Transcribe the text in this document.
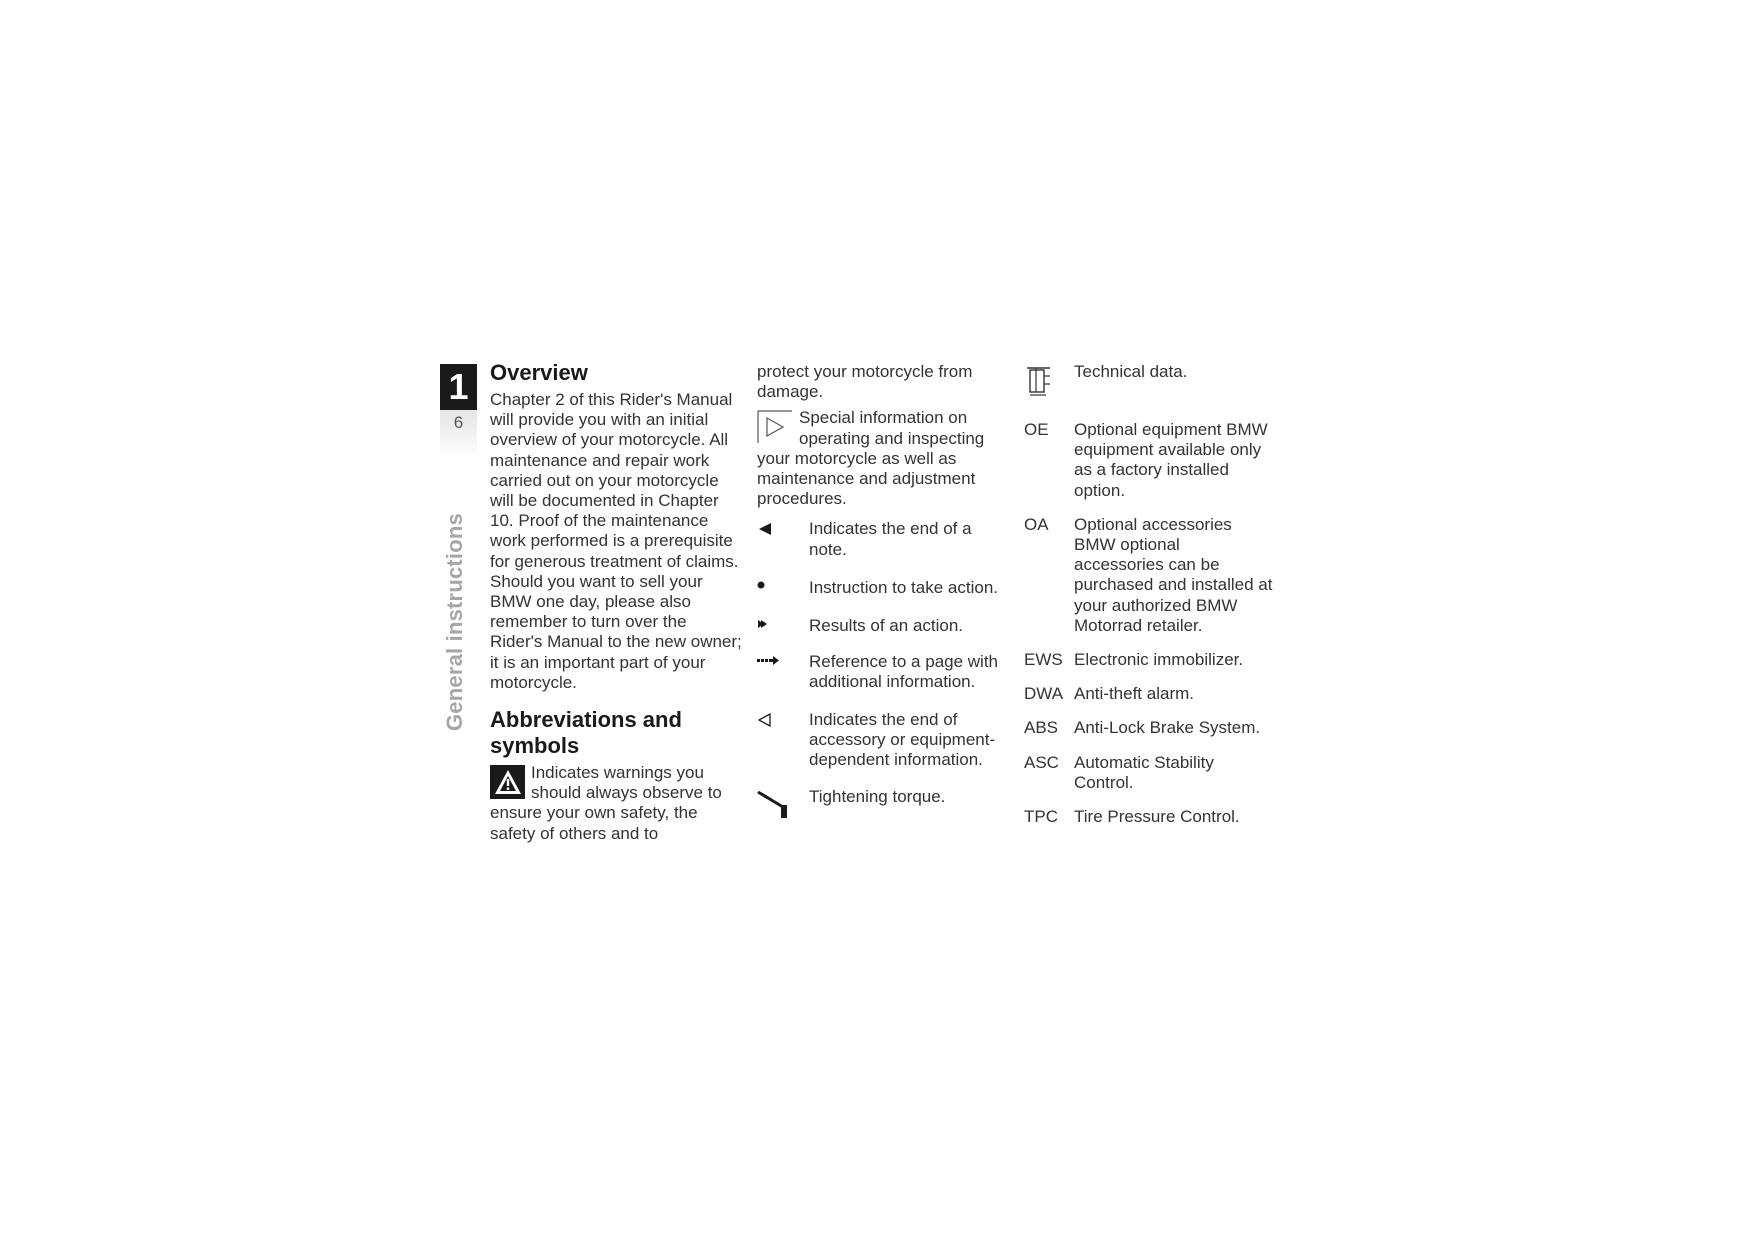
1
6
General instructions
Overview

Chapter 2 of this Rider's Manual will provide you with an initial overview of your motorcycle. All maintenance and repair work carried out on your motorcycle will be documented in Chapter 10. Proof of the maintenance work performed is a prerequisite for generous treatment of claims.

Should you want to sell your BMW one day, please also remember to turn over the Rider's Manual to the new owner; it is an important part of your motorcycle.

Abbreviations and symbols
Indicates warnings you should always observe to ensure your own safety, the safety of others and to

protect your motorcycle from damage.

Special information on operating and inspecting your motorcycle as well as maintenance and adjustment procedures.
Indicates the end of a note.
Instruction to take action.
Results of an action.
Reference to a page with additional information.
Indicates the end of accessory or equipment-dependent information.
Tightening torque.
Technical data.
OE Optional equipment BMW equipment available only as a factory installed option.
OA Optional accessories BMW optional accessories can be purchased and installed at your authorized BMW Motorrad retailer.
EWS Electronic immobilizer.
DWA Anti-theft alarm.
ABS Anti-Lock Brake System.
ASC Automatic Stability Control.
TPC Tire Pressure Control.
